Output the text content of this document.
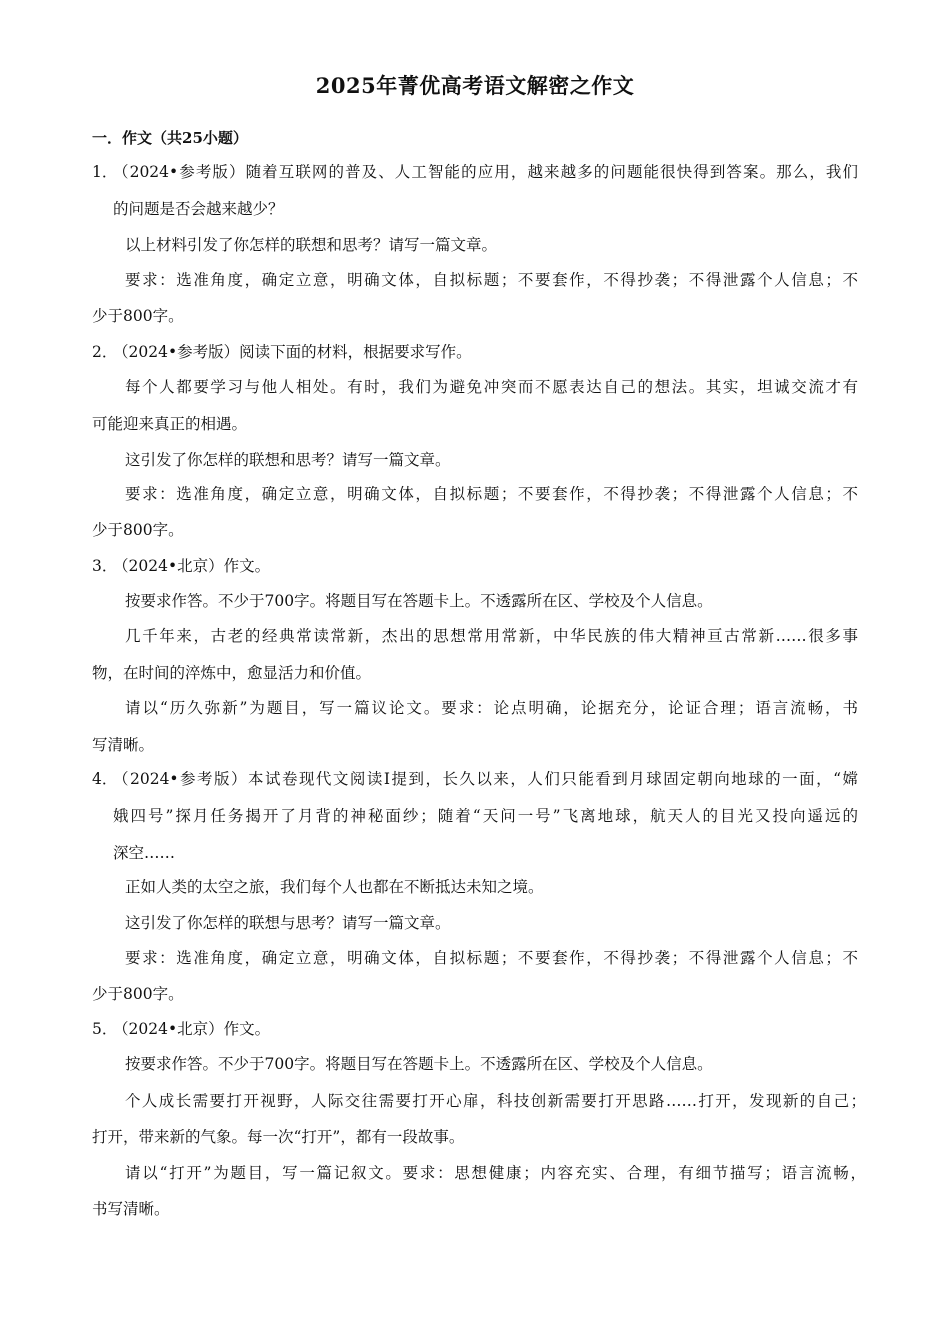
2025年菁优高考语文解密之作文
一．作文（共25小题）
1．
（2024•参考版）随着互联网的普及、人工智能的应用，越来越多的问题能很快得到答案。那么，我们
的问题是否会越来越少？
以上材料引发了你怎样的联想和思考？请写一篇文章。
要求：选准角度，确定立意，明确文体，自拟标题；不要套作，不得抄袭；不得泄露个人信息；不
少于800字。
2．
（2024•参考版）阅读下面的材料，根据要求写作。
每个人都要学习与他人相处。有时，我们为避免冲突而不愿表达自己的想法。其实，坦诚交流才有
可能迎来真正的相遇。
这引发了你怎样的联想和思考？请写一篇文章。
要求：选准角度，确定立意，明确文体，自拟标题；不要套作，不得抄袭；不得泄露个人信息；不
少于800字。
3．
（2024•北京）作文。
按要求作答。不少于700字。将题目写在答题卡上。不透露所在区、学校及个人信息。
几千年来，古老的经典常读常新，杰出的思想常用常新，中华民族的伟大精神亘古常新……很多事
物，在时间的淬炼中，愈显活力和价值。
请以“历久弥新”为题目，写一篇议论文。要求：论点明确，论据充分，论证合理；语言流畅，书
写清晰。
4．
（2024•参考版）本试卷现代文阅读Ⅰ提到，长久以来，人们只能看到月球固定朝向地球的一面，“嫦
娥四号”探月任务揭开了月背的神秘面纱；随着“天问一号”飞离地球，航天人的目光又投向遥远的
深空……
正如人类的太空之旅，我们每个人也都在不断抵达未知之境。
这引发了你怎样的联想与思考？请写一篇文章。
要求：选准角度，确定立意，明确文体，自拟标题；不要套作，不得抄袭；不得泄露个人信息；不
少于800字。
5．
（2024•北京）作文。
按要求作答。不少于700字。将题目写在答题卡上。不透露所在区、学校及个人信息。
个人成长需要打开视野，人际交往需要打开心扉，科技创新需要打开思路……打开，发现新的自己；
打开，带来新的气象。每一次“打开”，都有一段故事。
请以“打开”为题目，写一篇记叙文。要求：思想健康；内容充实、合理，有细节描写；语言流畅，
书写清晰。
